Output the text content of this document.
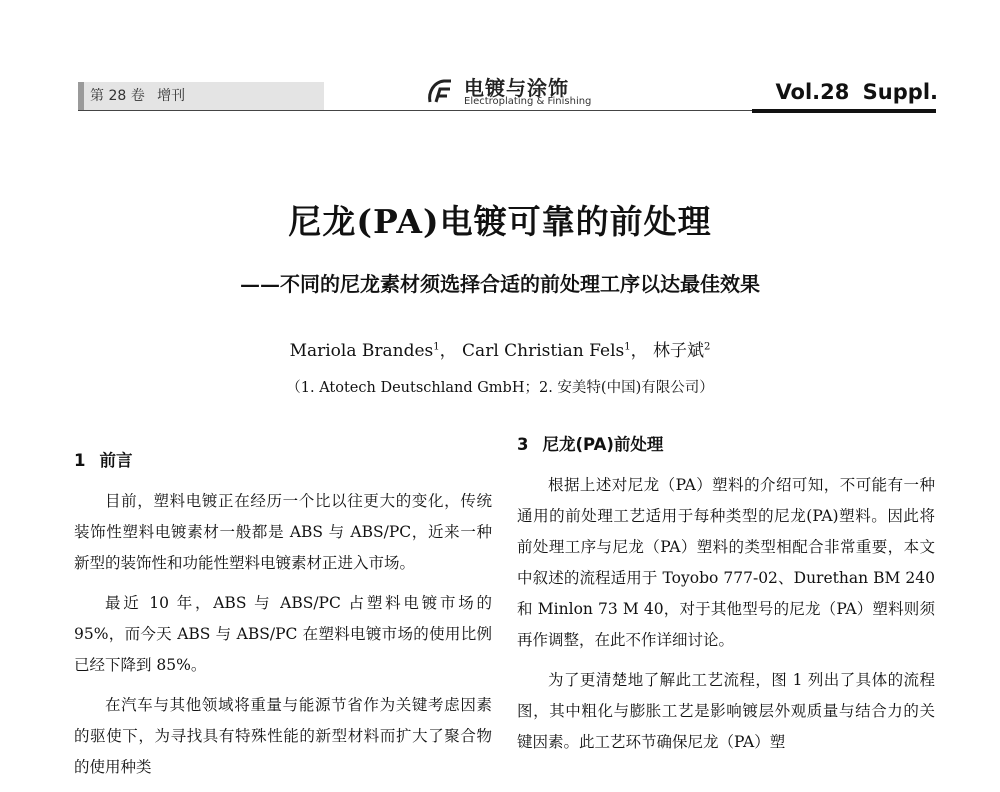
第 28 卷 增刊	电镀与涂饰
Electroplating & Finishing	Vol.28 Suppl.
尼龙(PA)电镀可靠的前处理
——不同的尼龙素材须选择合适的前处理工序以达最佳效果
Mariola Brandes$^1$， Carl Christian Fels$^1$， 林子斌$^2$
（1. Atotech Deutschland GmbH；2. 安美特(中国)有限公司）
1 前言

目前，塑料电镀正在经历一个比以往更大的变化，传统装饰性塑料电镀素材一般都是 ABS 与 ABS/PC，近来一种新型的装饰性和功能性塑料电镀素材正进入市场。

最近 10 年，ABS 与 ABS/PC 占塑料电镀市场的 95%，而今天 ABS 与 ABS/PC 在塑料电镀市场的使用比例已经下降到 85%。

在汽车与其他领域将重量与能源节省作为关键考虑因素的驱使下，为寻找具有特殊性能的新型材料而扩大了聚合物的使用种类

3 尼龙(PA)前处理

根据上述对尼龙（PA）塑料的介绍可知，不可能有一种通用的前处理工艺适用于每种类型的尼龙(PA)塑料。因此将前处理工序与尼龙（PA）塑料的类型相配合非常重要，本文中叙述的流程适用于 Toyobo 777-02、Durethan BM 240 和 Minlon 73 M 40，对于其他型号的尼龙（PA）塑料则须再作调整，在此不作详细讨论。

为了更清楚地了解此工艺流程，图 1 列出了具体的流程图，其中粗化与膨胀工艺是影响镀层外观质量与结合力的关键因素。此工艺环节确保尼龙（PA）塑
